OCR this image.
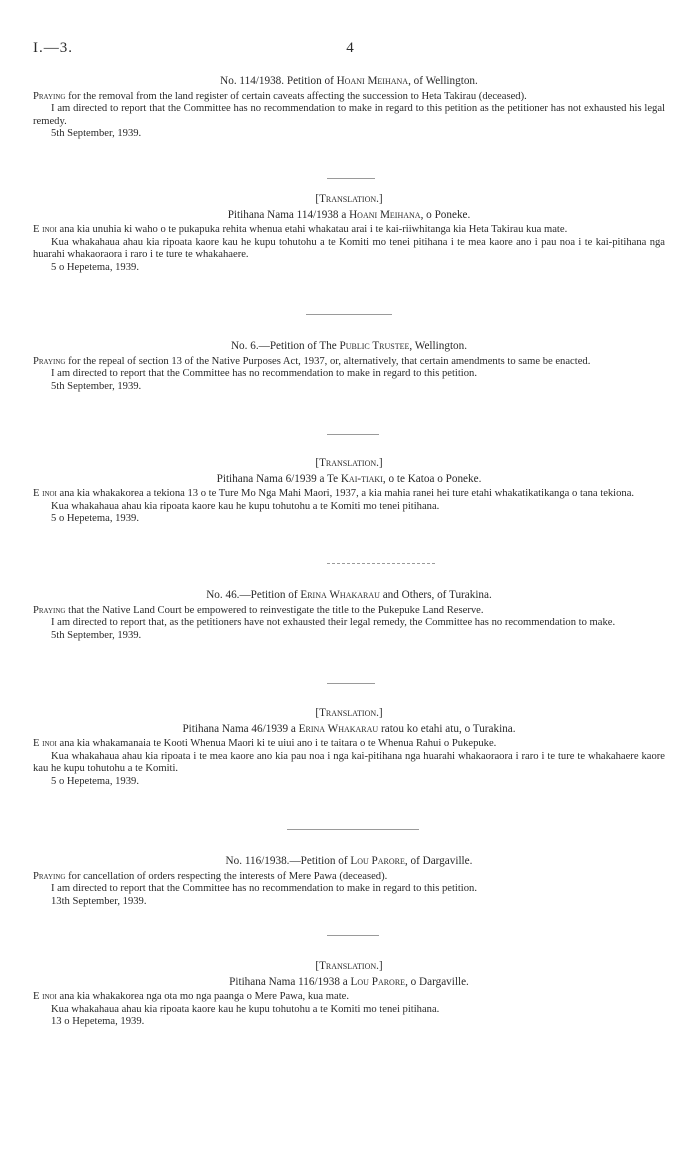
I.—3.	4
No. 114/1938. Petition of Hoani Meihana, of Wellington.
Praying for the removal from the land register of certain caveats affecting the succession to Heta Takirau (deceased).
I am directed to report that the Committee has no recommendation to make in regard to this petition as the petitioner has not exhausted his legal remedy.
5th September, 1939.
[Translation.]
Pitihana Nama 114/1938 a Hoani Meihana, o Poneke.
E inoi ana kia unuhia ki waho o te pukapuka rehita whenua etahi whakatau arai i te kai-riiwhitanga kia Heta Takirau kua mate.
Kua whakahaua ahau kia ripoata kaore kau he kupu tohutohu a te Komiti mo tenei pitihana i te mea kaore ano i pau noa i te kai-pitihana nga huarahi whakaoraora i raro i te ture te whakahaere.
5 o Hepetema, 1939.
No. 6.—Petition of The Public Trustee, Wellington.
Praying for the repeal of section 13 of the Native Purposes Act, 1937, or, alternatively, that certain amendments to same be enacted.
I am directed to report that the Committee has no recommendation to make in regard to this petition.
5th September, 1939.
[Translation.]
Pitihana Nama 6/1939 a Te Kai-tiaki, o te Katoa o Poneke.
E inoi ana kia whakakorea a tekiona 13 o te Ture Mo Nga Mahi Maori, 1937, a kia mahia ranei hei ture etahi whakatikatikanga o tana tekiona.
Kua whakahaua ahau kia ripoata kaore kau he kupu tohutohu a te Komiti mo tenei pitihana.
5 o Hepetema, 1939.
No. 46.—Petition of Erina Whakarau and Others, of Turakina.
Praying that the Native Land Court be empowered to reinvestigate the title to the Pukepuke Land Reserve.
I am directed to report that, as the petitioners have not exhausted their legal remedy, the Committee has no recommendation to make.
5th September, 1939.
[Translation.]
Pitihana Nama 46/1939 a Erina Whakarau ratou ko etahi atu, o Turakina.
E inoi ana kia whakamanaia te Kooti Whenua Maori ki te uiui ano i te taitara o te Whenua Rahui o Pukepuke.
Kua whakahaua ahau kia ripoata i te mea kaore ano kia pau noa i nga kai-pitihana nga huarahi whakaoraora i raro i te ture te whakahaere kaore kau he kupu tohutohu a te Komiti.
5 o Hepetema, 1939.
No. 116/1938.—Petition of Lou Parore, of Dargaville.
Praying for cancellation of orders respecting the interests of Mere Pawa (deceased).
I am directed to report that the Committee has no recommendation to make in regard to this petition.
13th September, 1939.
[Translation.]
Pitihana Nama 116/1938 a Lou Parore, o Dargaville.
E inoi ana kia whakakorea nga ota mo nga paanga o Mere Pawa, kua mate.
Kua whakahaua ahau kia ripoata kaore kau he kupu tohutohu a te Komiti mo tenei pitihana.
13 o Hepetema, 1939.
